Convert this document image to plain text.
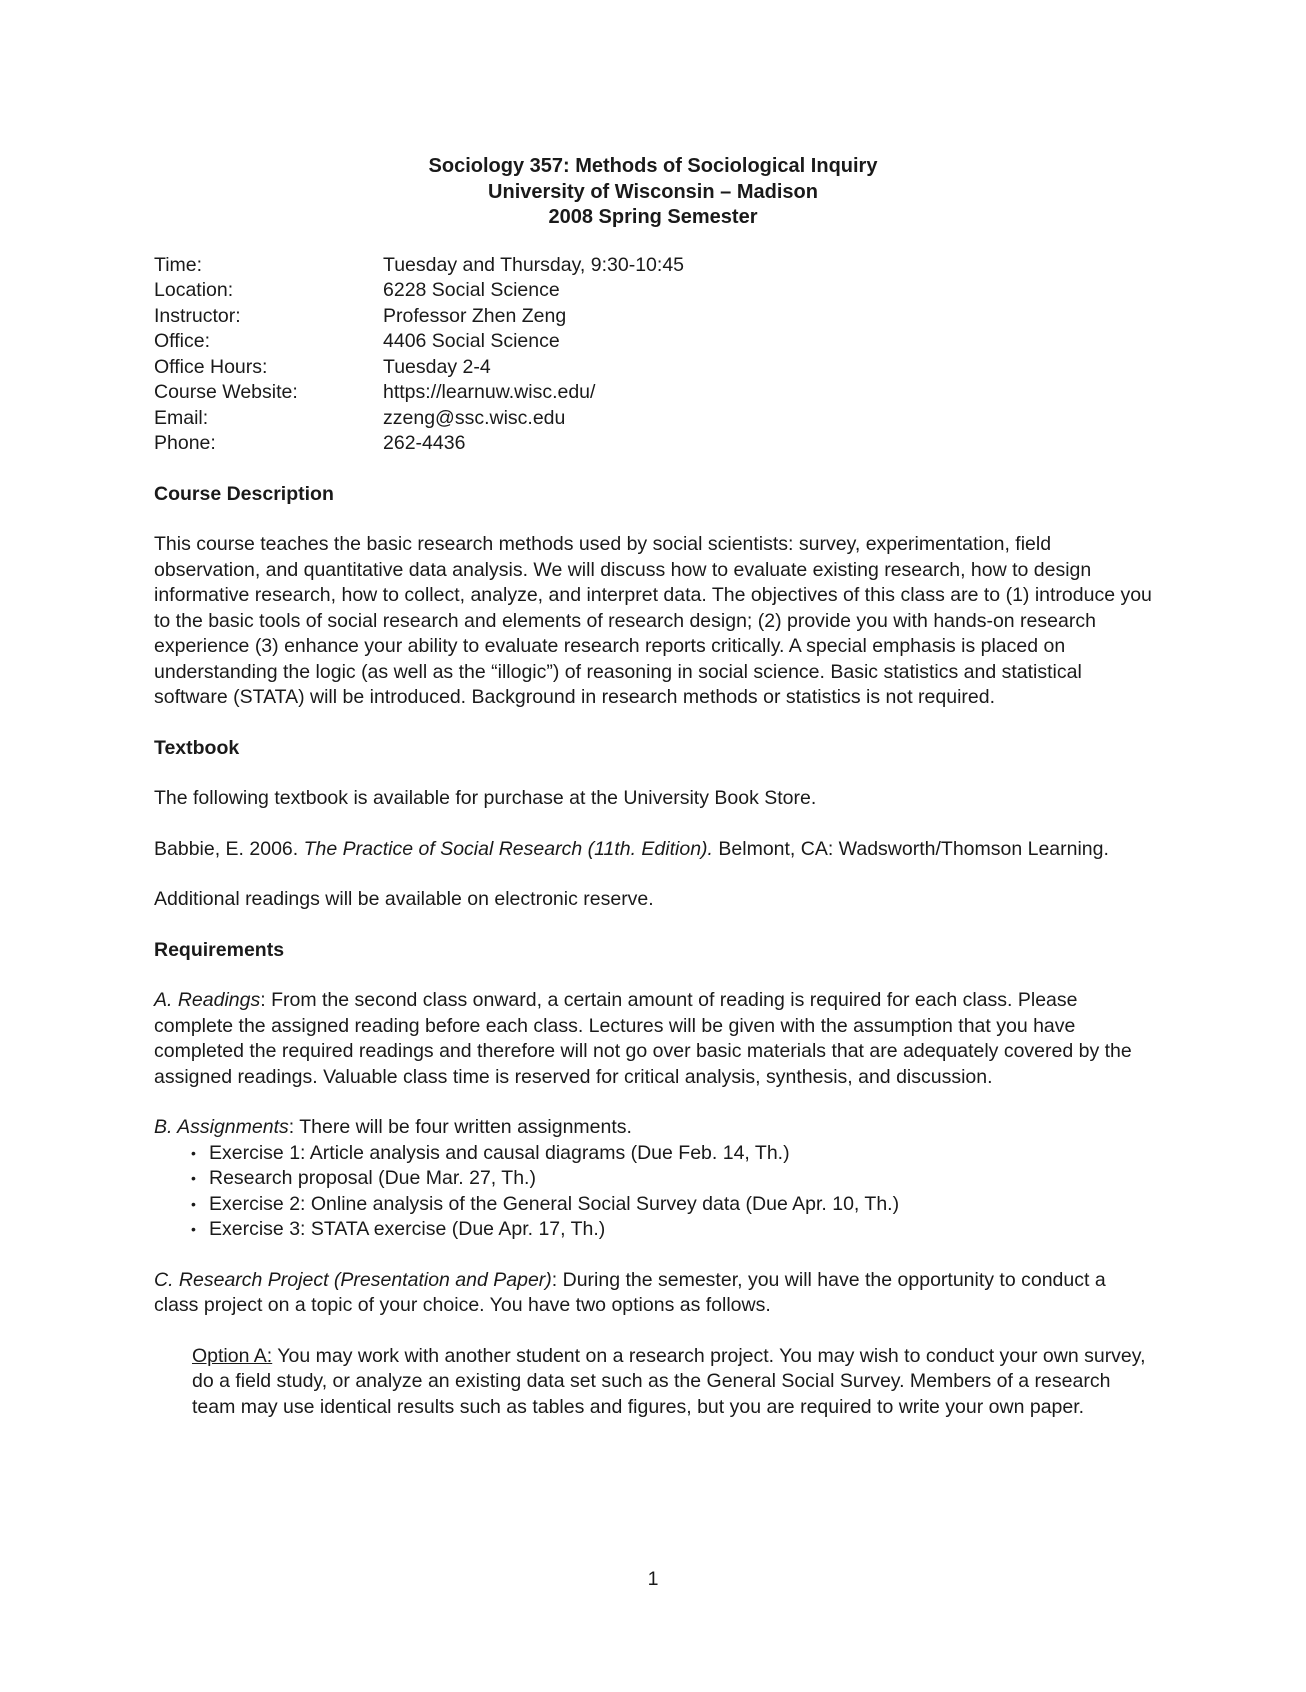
Sociology 357: Methods of Sociological Inquiry
University of Wisconsin – Madison
2008 Spring Semester
Time:	Tuesday and Thursday, 9:30-10:45
Location:	6228 Social Science
Instructor:	Professor Zhen Zeng
Office:	4406 Social Science
Office Hours:	Tuesday 2-4
Course Website:	https://learnuw.wisc.edu/
Email:	zzeng@ssc.wisc.edu
Phone:	262-4436
Course Description
This course teaches the basic research methods used by social scientists: survey, experimentation, field observation, and quantitative data analysis. We will discuss how to evaluate existing research, how to design informative research, how to collect, analyze, and interpret data. The objectives of this class are to (1) introduce you to the basic tools of social research and elements of research design; (2) provide you with hands-on research experience (3) enhance your ability to evaluate research reports critically. A special emphasis is placed on understanding the logic (as well as the “illogic”) of reasoning in social science. Basic statistics and statistical software (STATA) will be introduced. Background in research methods or statistics is not required.
Textbook
The following textbook is available for purchase at the University Book Store.
Babbie, E. 2006. The Practice of Social Research (11th. Edition). Belmont, CA: Wadsworth/Thomson Learning.
Additional readings will be available on electronic reserve.
Requirements
A. Readings: From the second class onward, a certain amount of reading is required for each class. Please complete the assigned reading before each class. Lectures will be given with the assumption that you have completed the required readings and therefore will not go over basic materials that are adequately covered by the assigned readings. Valuable class time is reserved for critical analysis, synthesis, and discussion.
B. Assignments: There will be four written assignments.
• Exercise 1: Article analysis and causal diagrams (Due Feb. 14, Th.)
• Research proposal (Due Mar. 27, Th.)
• Exercise 2: Online analysis of the General Social Survey data (Due Apr. 10, Th.)
• Exercise 3: STATA exercise (Due Apr. 17, Th.)
C. Research Project (Presentation and Paper): During the semester, you will have the opportunity to conduct a class project on a topic of your choice. You have two options as follows.
Option A: You may work with another student on a research project. You may wish to conduct your own survey, do a field study, or analyze an existing data set such as the General Social Survey. Members of a research team may use identical results such as tables and figures, but you are required to write your own paper.
1
